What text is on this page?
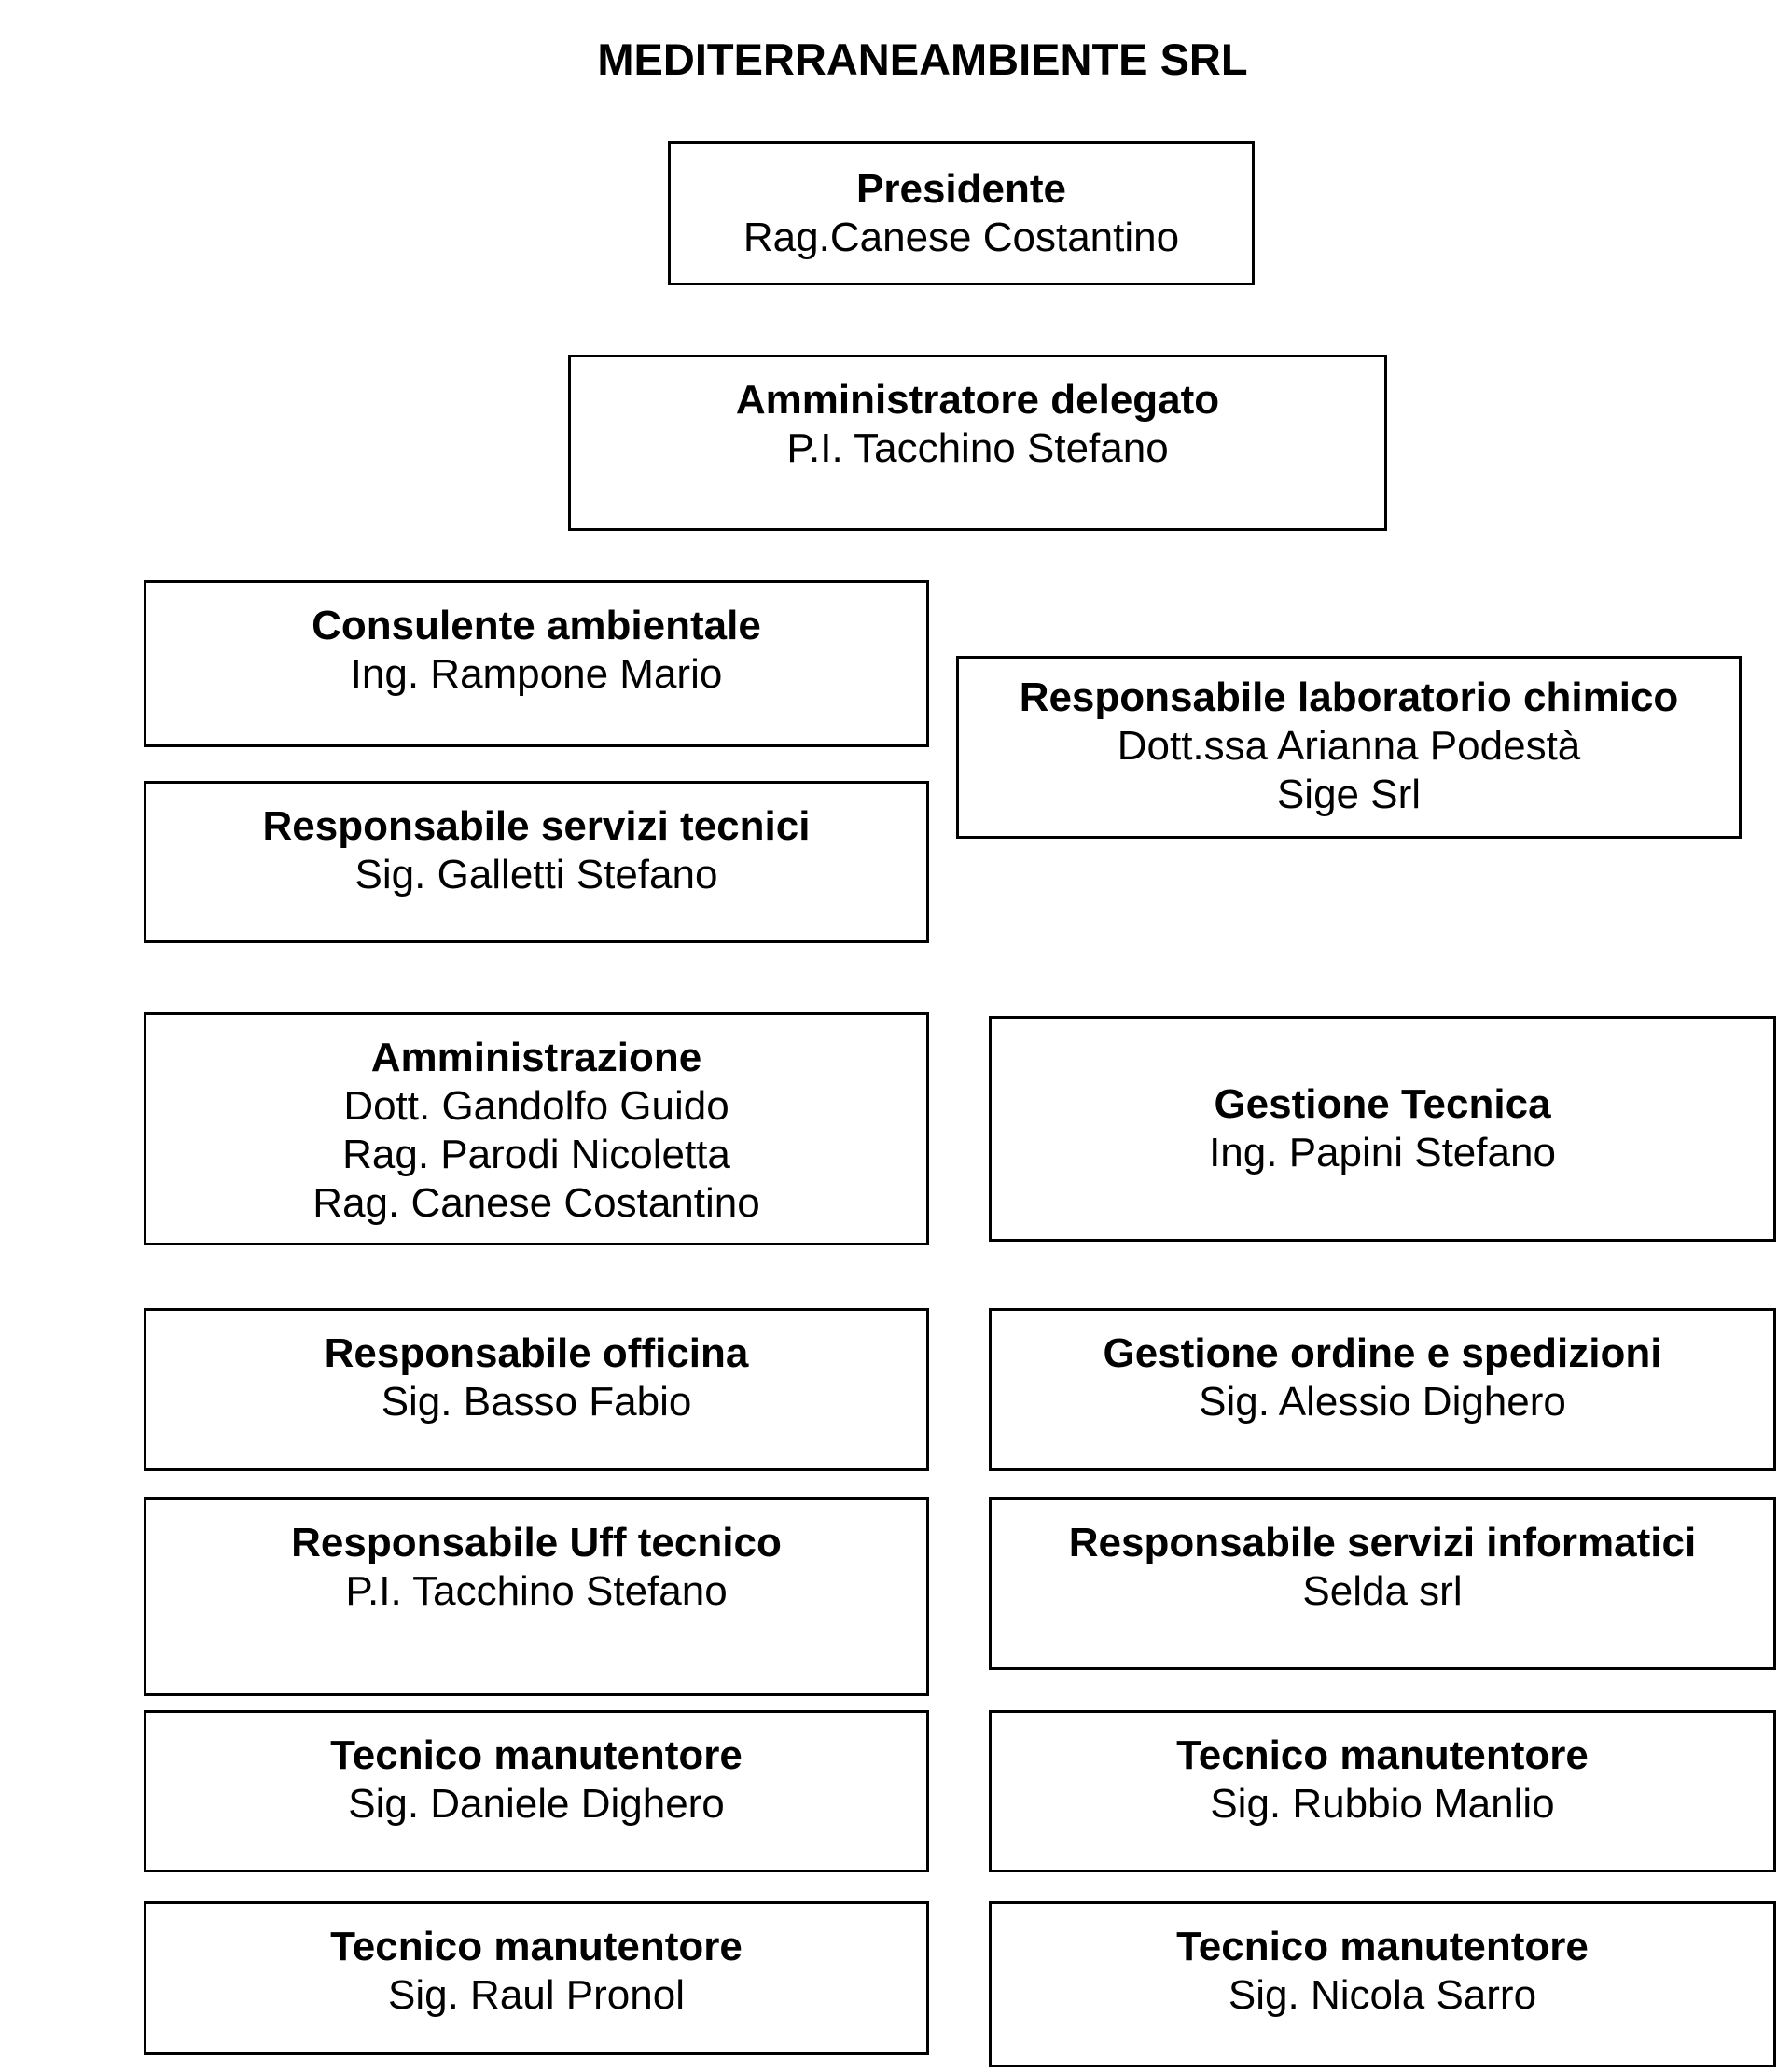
MEDITERRANEAMBIENTE SRL
Presidente
Rag.Canese Costantino
Amministratore delegato
P.I. Tacchino Stefano
Consulente ambientale
Ing. Rampone Mario
Responsabile laboratorio chimico
Dott.ssa Arianna Podestà
Sige Srl
Responsabile servizi tecnici
Sig. Galletti Stefano
Amministrazione
Dott. Gandolfo Guido
Rag. Parodi Nicoletta
Rag. Canese Costantino
Gestione Tecnica
Ing. Papini Stefano
Responsabile officina
Sig. Basso Fabio
Gestione ordine e spedizioni
Sig. Alessio Dighero
Responsabile Uff tecnico
P.I. Tacchino Stefano
Responsabile servizi informatici
Selda srl
Tecnico manutentore
Sig. Daniele Dighero
Tecnico manutentore
Sig. Rubbio Manlio
Tecnico manutentore
Sig. Raul Pronol
Tecnico manutentore
Sig. Nicola Sarro
